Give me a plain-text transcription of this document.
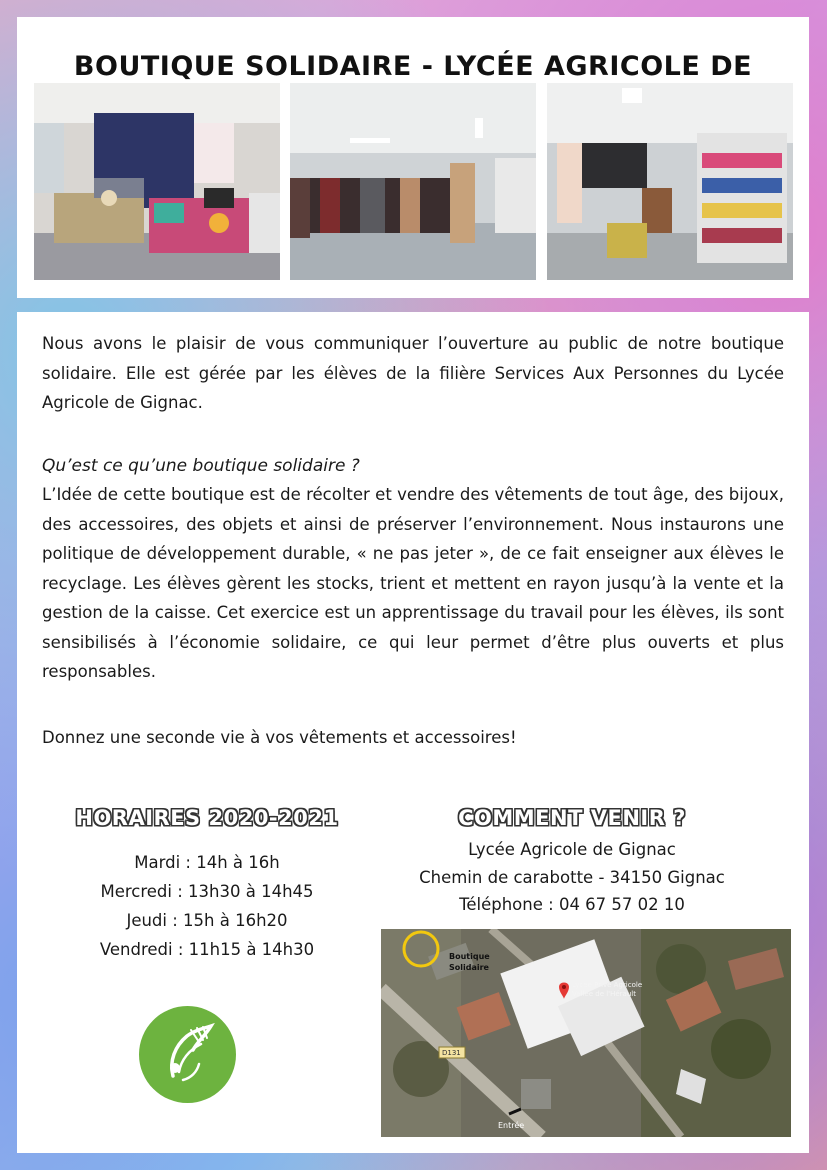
BOUTIQUE SOLIDAIRE - LYCÉE AGRICOLE DE

Nous avons le plaisir de vous communiquer l’ouverture au public de notre boutique solidaire. Elle est gérée par les élèves de la filière Services Aux Personnes du Lycée Agricole de Gignac.

Qu’est ce qu’une boutique solidaire ?

L’Idée de cette boutique est de récolter et vendre des vêtements de tout âge, des bijoux, des accessoires, des objets et ainsi de préserver l’environnement. Nous instaurons une politique de développement durable, « ne pas jeter », de ce fait enseigner aux élèves le recyclage. Les élèves gèrent les stocks, trient et mettent en rayon jusqu’à la vente et la gestion de la caisse. Cet exercice est un apprentissage du travail pour les élèves, ils sont sensibilisés à l’économie solidaire, ce qui leur permet d’être plus ouverts et plus responsables.

Donnez une seconde vie à vos vêtements et accessoires!

HORAIRES 2020-2021
Mardi : 14h à 16h
Mercredi : 13h30 à 14h45
Jeudi : 15h à 16h20
Vendredi : 11h15 à 14h30
COMMENT VENIR ?
Lycée Agricole de Gignac
Chemin de carabotte - 34150 Gignac
Téléphone : 04 67 57 02 10
Boutique
Solidaire
Lycée Privé Agricole
Vallée de l'Hérault
D131
Entrée
